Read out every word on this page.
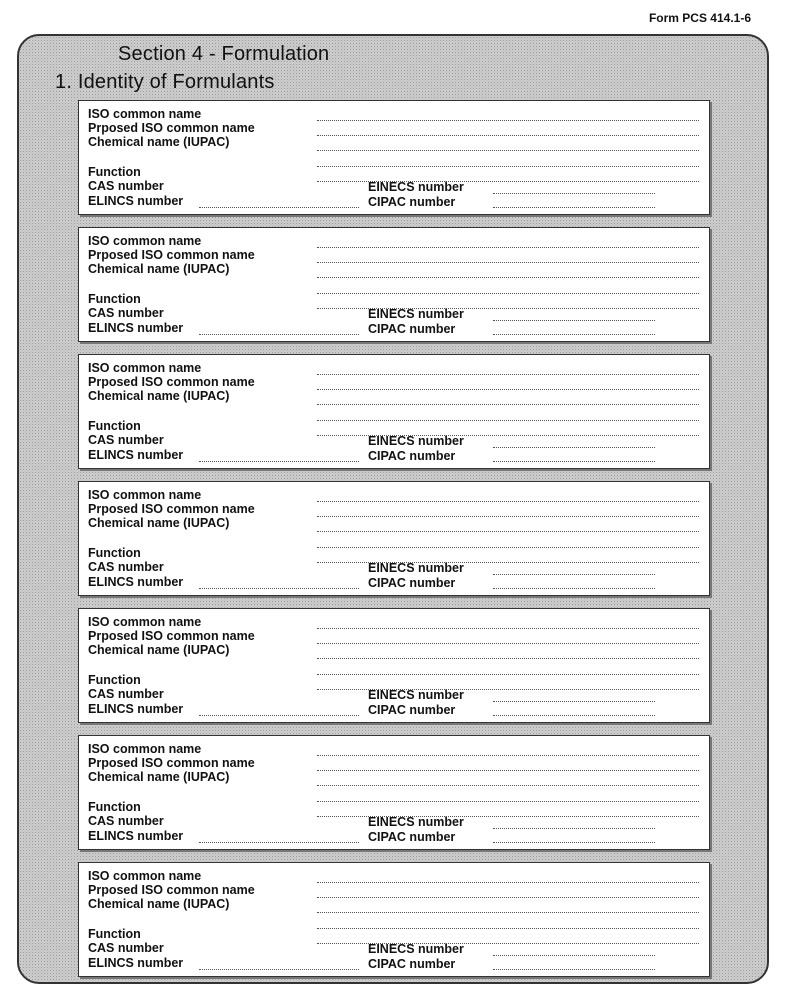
Form PCS 414.1-6
Section 4 - Formulation
1. Identity of Formulants
ISO common name
Prposed ISO common name
Chemical name (IUPAC)
Function
CAS number
ELINCS number
EINECS number
CIPAC number
ISO common name
Prposed ISO common name
Chemical name (IUPAC)
Function
CAS number
ELINCS number
EINECS number
CIPAC number
ISO common name
Prposed ISO common name
Chemical name (IUPAC)
Function
CAS number
ELINCS number
EINECS number
CIPAC number
ISO common name
Prposed ISO common name
Chemical name (IUPAC)
Function
CAS number
ELINCS number
EINECS number
CIPAC number
ISO common name
Prposed ISO common name
Chemical name (IUPAC)
Function
CAS number
ELINCS number
EINECS number
CIPAC number
ISO common name
Prposed ISO common name
Chemical name (IUPAC)
Function
CAS number
ELINCS number
EINECS number
CIPAC number
ISO common name
Prposed ISO common name
Chemical name (IUPAC)
Function
CAS number
ELINCS number
EINECS number
CIPAC number
